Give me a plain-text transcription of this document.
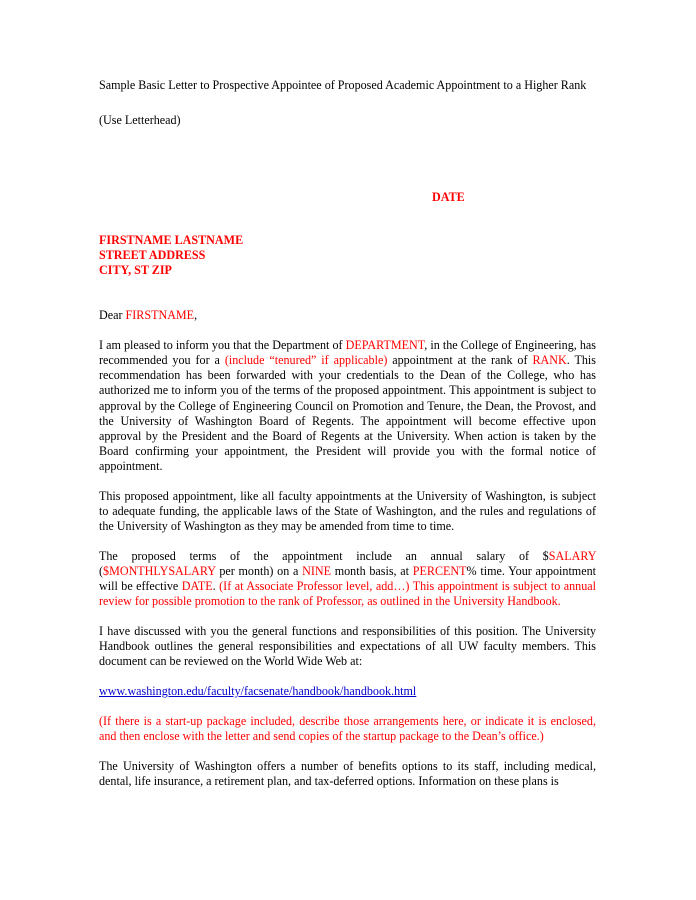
Sample Basic Letter to Prospective Appointee of Proposed Academic Appointment to a Higher Rank

(Use Letterhead)

DATE

FIRSTNAME LASTNAME
STREET ADDRESS
CITY, ST ZIP

Dear FIRSTNAME,

I am pleased to inform you that the Department of DEPARTMENT, in the College of Engineering, has recommended you for a (include “tenured” if applicable) appointment at the rank of RANK. This recommendation has been forwarded with your credentials to the Dean of the College, who has authorized me to inform you of the terms of the proposed appointment. This appointment is subject to approval by the College of Engineering Council on Promotion and Tenure, the Dean, the Provost, and the University of Washington Board of Regents. The appointment will become effective upon approval by the President and the Board of Regents at the University. When action is taken by the Board confirming your appointment, the President will provide you with the formal notice of appointment.

This proposed appointment, like all faculty appointments at the University of Washington, is subject to adequate funding, the applicable laws of the State of Washington, and the rules and regulations of the University of Washington as they may be amended from time to time.

The proposed terms of the appointment include an annual salary of $SALARY ($MONTHLYSALARY per month) on a NINE month basis, at PERCENT% time. Your appointment will be effective DATE. (If at Associate Professor level, add…) This appointment is subject to annual review for possible promotion to the rank of Professor, as outlined in the University Handbook.

I have discussed with you the general functions and responsibilities of this position. The University Handbook outlines the general responsibilities and expectations of all UW faculty members. This document can be reviewed on the World Wide Web at:

www.washington.edu/faculty/facsenate/handbook/handbook.html

(If there is a start-up package included, describe those arrangements here, or indicate it is enclosed, and then enclose with the letter and send copies of the startup package to the Dean’s office.)

The University of Washington offers a number of benefits options to its staff, including medical, dental, life insurance, a retirement plan, and tax-deferred options. Information on these plans is
